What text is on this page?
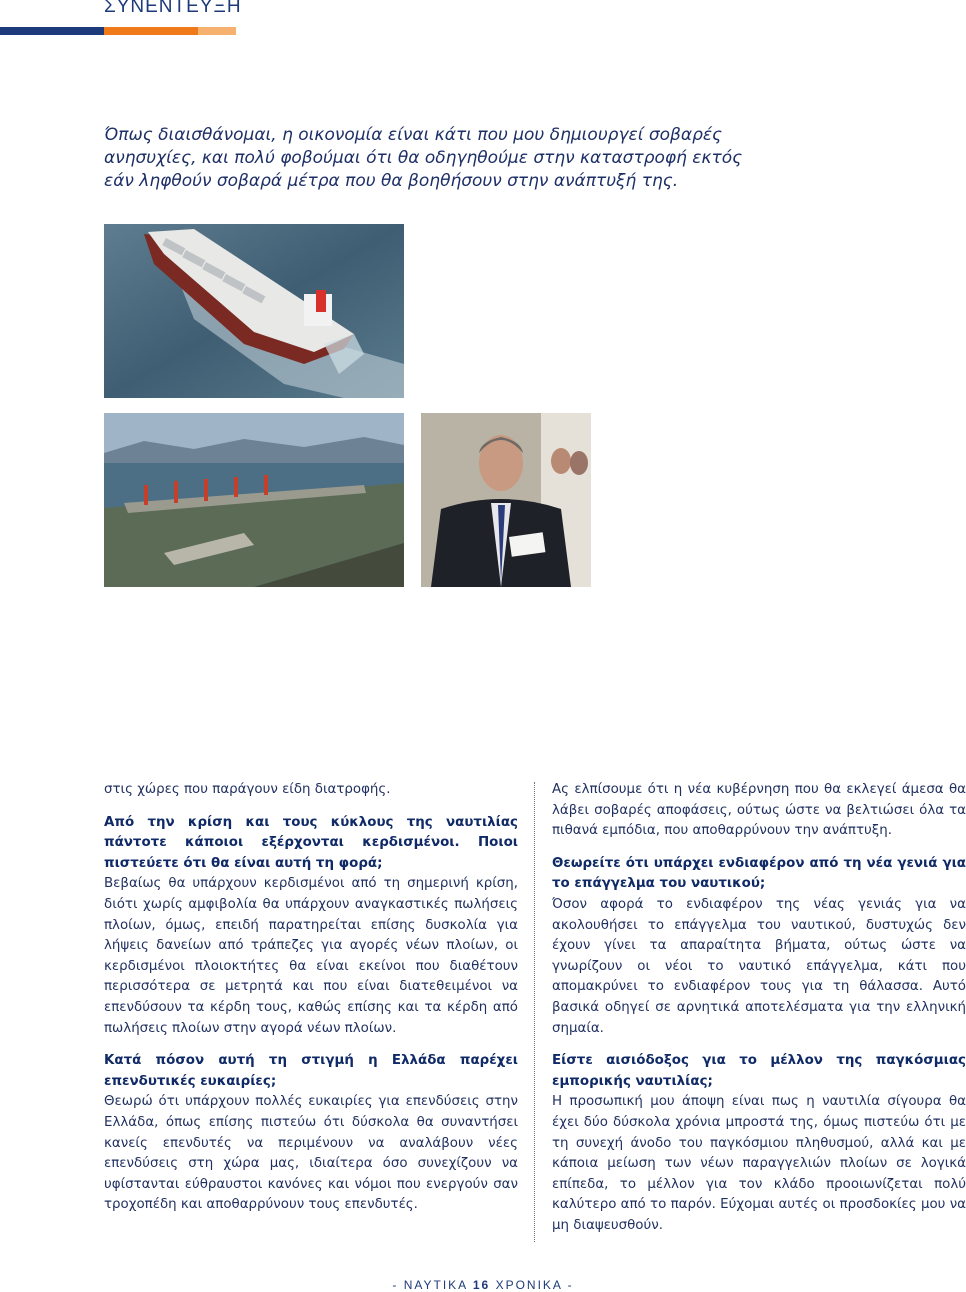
ΣΥΝΕΝΤΕΥΞΗ
Όπως διαισθάνομαι, η οικονομία είναι κάτι που μου δημιουργεί σοβαρές ανησυχίες, και πολύ φοβούμαι ότι θα οδηγηθούμε στην καταστροφή εκτός εάν ληφθούν σοβαρά μέτρα που θα βοηθήσουν στην ανάπτυξή της.

στις χώρες που παράγουν είδη διατροφής.

Από την κρίση και τους κύκλους της ναυτιλίας πάντοτε κάποιοι εξέρχονται κερδισμένοι. Ποιοι πιστεύετε ότι θα είναι αυτή τη φορά;
Βεβαίως θα υπάρχουν κερδισμένοι από τη σημερινή κρίση, διότι χωρίς αμφιβολία θα υπάρχουν αναγκαστικές πωλήσεις πλοίων, όμως, επειδή παρατηρείται επίσης δυσκολία για λήψεις δανείων από τράπεζες για αγορές νέων πλοίων, οι κερδισμένοι πλοιοκτήτες θα είναι εκείνοι που διαθέτουν περισσότερα σε μετρητά και που είναι διατεθειμένοι να επενδύσουν τα κέρδη τους, καθώς επίσης και τα κέρδη από πωλήσεις πλοίων στην αγορά νέων πλοίων.

Κατά πόσον αυτή τη στιγμή η Ελλάδα παρέχει επενδυτικές ευκαιρίες;
Θεωρώ ότι υπάρχουν πολλές ευκαιρίες για επενδύσεις στην Ελλάδα, όπως επίσης πιστεύω ότι δύσκολα θα συναντήσει κανείς επενδυτές να περιμένουν να αναλάβουν νέες επενδύσεις στη χώρα μας, ιδιαίτερα όσο συνεχίζουν να υφίστανται εύθραυστοι κανόνες και νόμοι που ενεργούν σαν τροχοπέδη και αποθαρρύνουν τους επενδυτές.

Ας ελπίσουμε ότι η νέα κυβέρνηση που θα εκλεγεί άμεσα θα λάβει σοβαρές αποφάσεις, ούτως ώστε να βελτιώσει όλα τα πιθανά εμπόδια, που αποθαρρύνουν την ανάπτυξη.

Θεωρείτε ότι υπάρχει ενδιαφέρον από τη νέα γενιά για το επάγγελμα του ναυτικού;
Όσον αφορά το ενδιαφέρον της νέας γενιάς για να ακολουθήσει το επάγγελμα του ναυτικού, δυστυχώς δεν έχουν γίνει τα απαραίτητα βήματα, ούτως ώστε να γνωρίζουν οι νέοι το ναυτικό επάγγελμα, κάτι που απομακρύνει το ενδιαφέρον τους για τη θάλασσα. Αυτό βασικά οδηγεί σε αρνητικά αποτελέσματα για την ελληνική σημαία.

Είστε αισιόδοξος για το μέλλον της παγκόσμιας εμπορικής ναυτιλίας;
Η προσωπική μου άποψη είναι πως η ναυτιλία σίγουρα θα έχει δύο δύσκολα χρόνια μπροστά της, όμως πιστεύω ότι με τη συνεχή άνοδο του παγκόσμιου πληθυσμού, αλλά και με κάποια μείωση των νέων παραγγελιών πλοίων σε λογικά επίπεδα, το μέλλον για τον κλάδο προοιωνίζεται πολύ καλύτερο από το παρόν. Εύχομαι αυτές οι προσδοκίες μου να μη διαψευσθούν.

- ΝΑΥΤΙΚΑ 16 ΧΡΟΝΙΚΑ -
